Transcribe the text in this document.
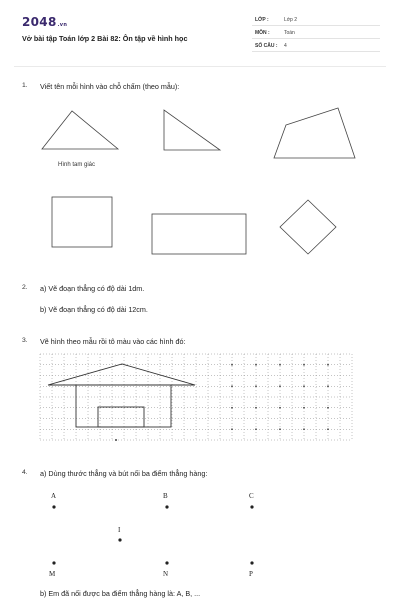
2048.vn
Vở bài tập Toán lớp 2 Bài 82: Ôn tập về hình học
LỚP :	Lớp 2
MÔN :	Toán
SỐ CÂU : 4
1. Viết tên mỗi hình vào chỗ chấm (theo mẫu):
Hình tam giác
2. a) Vẽ đoạn thẳng có độ dài 1dm.
b) Vẽ đoạn thẳng có độ dài 12cm.
3. Vẽ hình theo mẫu rồi tô màu vào các hình đó:
4. a) Dùng thước thẳng và bút nối ba điểm thẳng hàng:
A	B	C
I
M	N	P
b) Em đã nối được ba điểm thẳng hàng là: A, B, ...
